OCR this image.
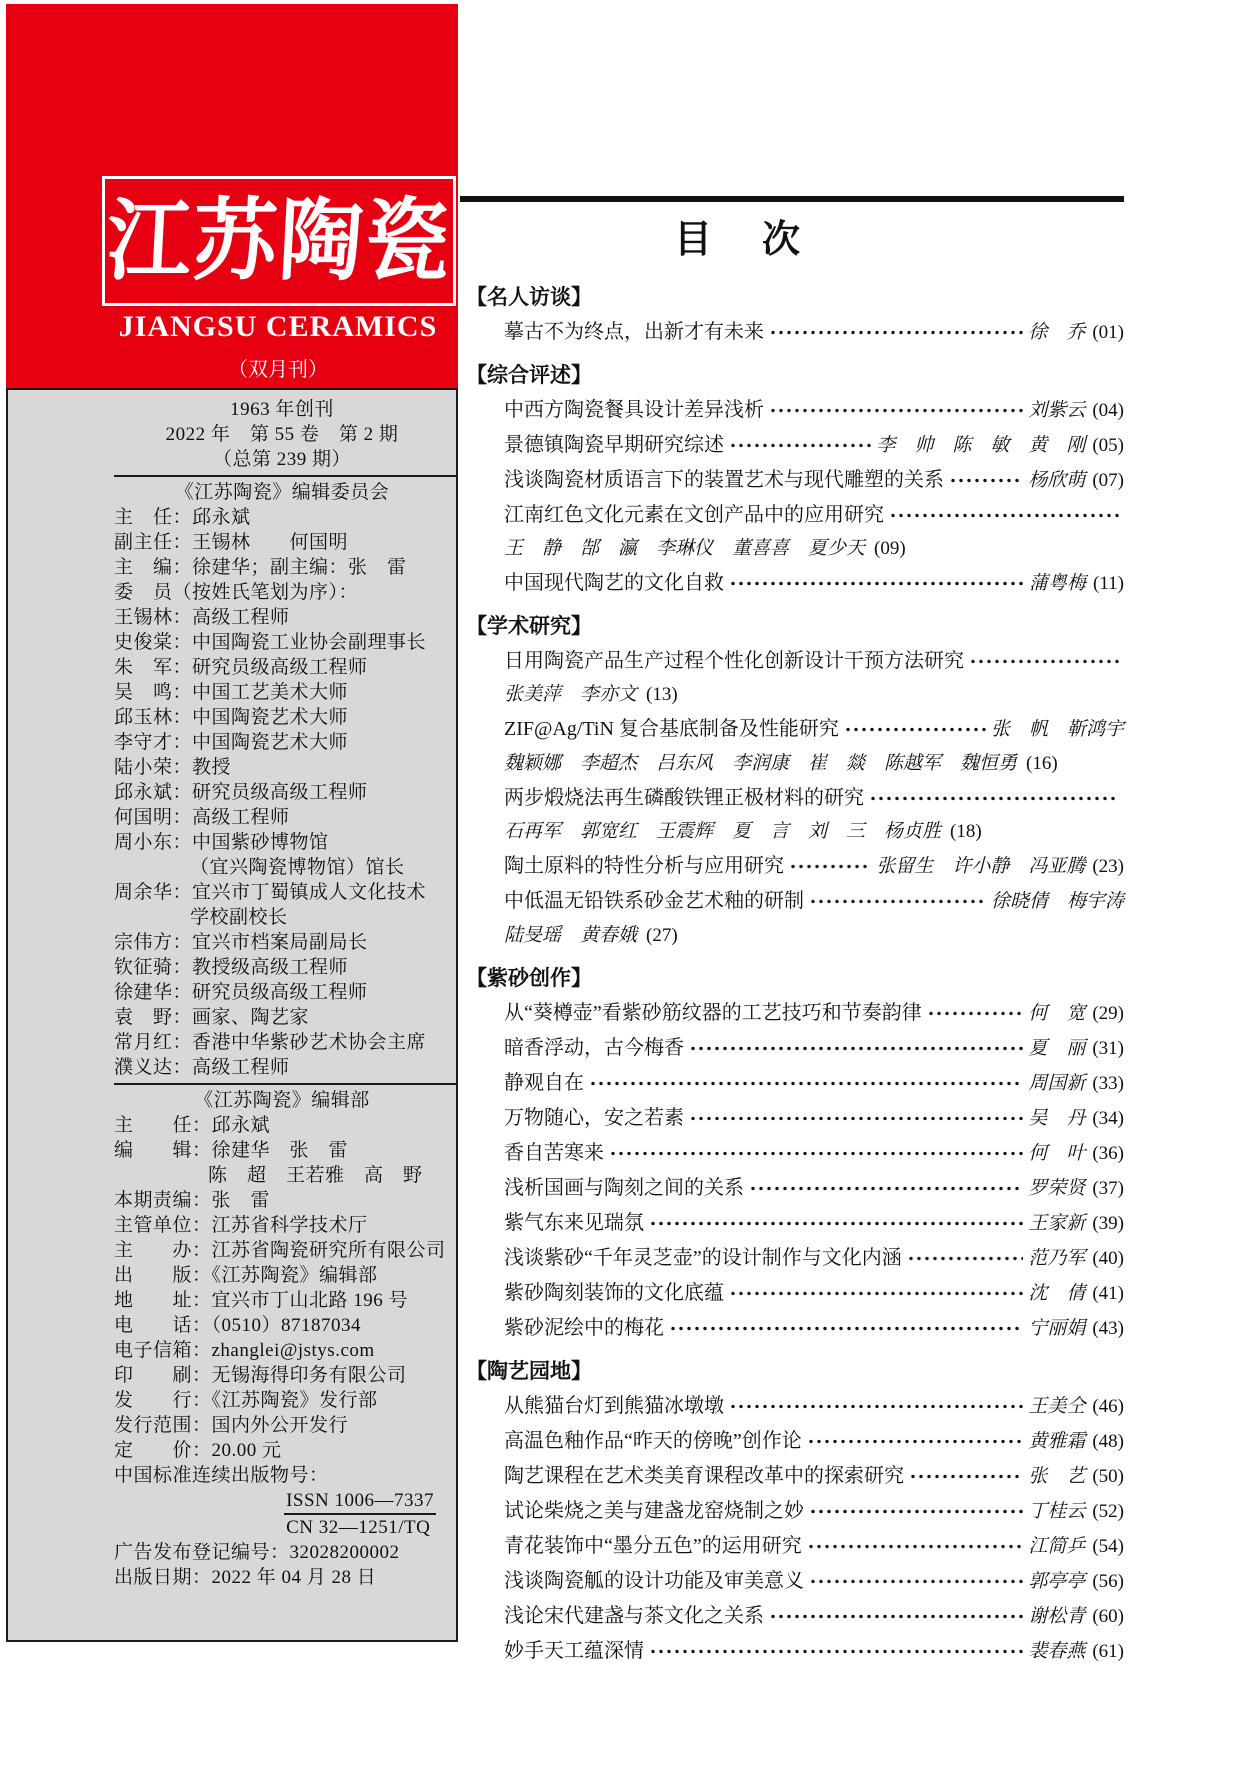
江苏陶瓷
JIANGSU CERAMICS
（双月刊）
1963 年创刊
2022 年　第 55 卷　第 2 期
（总第 239 期）
《江苏陶瓷》编辑委员会
主　任：邱永斌
副主任：王锡林　　何国明
主　编：徐建华；副主编：张　雷
委　员（按姓氏笔划为序）：
王锡林：高级工程师
史俊棠：中国陶瓷工业协会副理事长
朱　军：研究员级高级工程师
吴　鸣：中国工艺美术大师
邱玉林：中国陶瓷艺术大师
李守才：中国陶瓷艺术大师
陆小荣：教授
邱永斌：研究员级高级工程师
何国明：高级工程师
周小东：中国紫砂博物馆
（宜兴陶瓷博物馆）馆长
周余华：宜兴市丁蜀镇成人文化技术
学校副校长
宗伟方：宜兴市档案局副局长
钦征骑：教授级高级工程师
徐建华：研究员级高级工程师
袁　野：画家、陶艺家
常月红：香港中华紫砂艺术协会主席
濮义达：高级工程师
《江苏陶瓷》编辑部
主　　任：邱永斌
编　　辑：徐建华　张　雷
陈　超　王若雅　高　野
本期责编：张　雷
主管单位：江苏省科学技术厅
主　　办：江苏省陶瓷研究所有限公司
出　　版：《江苏陶瓷》编辑部
地　　址：宜兴市丁山北路 196 号
电　　话：（0510）87187034
电子信箱：zhanglei@jstys.com
印　　刷：无锡海得印务有限公司
发　　行：《江苏陶瓷》发行部
发行范围：国内外公开发行
定　　价：20.00 元
中国标准连续出版物号：
ISSN 1006—7337
CN 32—1251/TQ
广告发布登记编号：32028200002
出版日期：2022 年 04 月 28 日
目　次
【名人访谈】
摹古不为终点，出新才有未来	徐　乔 (01)
【综合评述】
中西方陶瓷餐具设计差异浅析	刘紫云 (04)
景德镇陶瓷早期研究综述	李　帅　陈　敏　黄　刚 (05)
浅谈陶瓷材质语言下的装置艺术与现代雕塑的关系	杨欣萌 (07)
江南红色文化元素在文创产品中的应用研究
王　静　郜　瀛　李琳仪　董喜喜　夏少天 (09)
中国现代陶艺的文化自救	蒲粤梅 (11)
【学术研究】
日用陶瓷产品生产过程个性化创新设计干预方法研究
张美萍　李亦文 (13)
ZIF@Ag/TiN 复合基底制备及性能研究	张　帆　靳鸿宇
魏颖娜　李超杰　吕东风　李润康　崔　燚　陈越军　魏恒勇 (16)
两步煅烧法再生磷酸铁锂正极材料的研究
石再军　郭宽红　王震辉　夏　言　刘　三　杨贞胜 (18)
陶土原料的特性分析与应用研究	张留生　许小静　冯亚腾 (23)
中低温无铅铁系砂金艺术釉的研制	徐晓倩　梅宇涛
陆旻瑶　黄春娥 (27)
【紫砂创作】
从“葵樽壶”看紫砂筋纹器的工艺技巧和节奏韵律	何　宽 (29)
暗香浮动，古今梅香	夏　丽 (31)
静观自在	周国新 (33)
万物随心，安之若素	吴　丹 (34)
香自苦寒来	何　叶 (36)
浅析国画与陶刻之间的关系	罗荣贤 (37)
紫气东来见瑞氛	王家新 (39)
浅谈紫砂“千年灵芝壶”的设计制作与文化内涵	范乃军 (40)
紫砂陶刻装饰的文化底蕴	沈　倩 (41)
紫砂泥绘中的梅花	宁丽娟 (43)
【陶艺园地】
从熊猫台灯到熊猫冰墩墩	王美仝 (46)
高温色釉作品“昨天的傍晚”创作论	黄雅霜 (48)
陶艺课程在艺术类美育课程改革中的探索研究	张　艺 (50)
试论柴烧之美与建盏龙窑烧制之妙	丁桂云 (52)
青花装饰中“墨分五色”的运用研究	江简乒 (54)
浅谈陶瓷觚的设计功能及审美意义	郭亭亭 (56)
浅论宋代建盏与茶文化之关系	谢松青 (60)
妙手天工蕴深情	裴春燕 (61)
